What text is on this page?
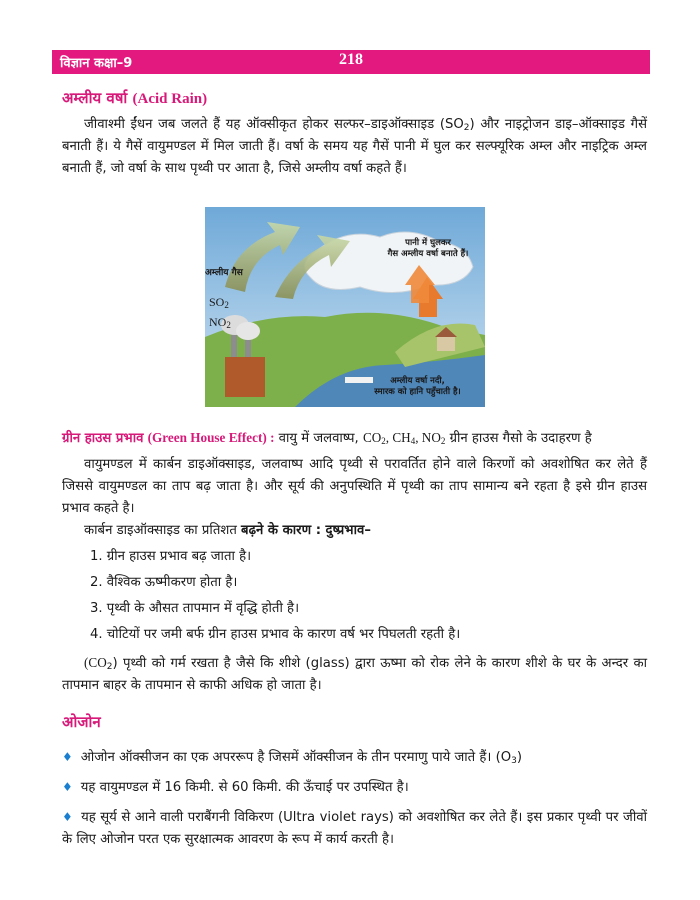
विज्ञान कक्षा–9	218
अम्लीय वर्षा (Acid Rain)
जीवाश्मी ईंधन जब जलते हैं यह ऑक्सीकृत होकर सल्फर–डाइऑक्साइड $(SO_2)$ और नाइट्रोजन डाइ–ऑक्साइड गैसें बनाती हैं। ये गैसें वायुमण्डल में मिल जाती हैं। वर्षा के समय यह गैसें पानी में घुल कर सल्फ्यूरिक अम्ल और नाइट्रिक अम्ल बनाती हैं, जो वर्षा के साथ पृथ्वी पर आता है, जिसे अम्लीय वर्षा कहते हैं।
अम्लीय गैस
$SO_2$
$NO_2$
पानी में घुलकर
गैस अम्लीय वर्षा बनाते हैं।
अम्लीय वर्षा नदी,
स्मारक को हानि पहुँचाती है।
ग्रीन हाउस प्रभाव (Green House Effect) : वायु में जलवाष्प, $CO_2$, $CH_4$, $NO_2$ ग्रीन हाउस गैसो के उदाहरण है
वायुमण्डल में कार्बन डाइऑक्साइड, जलवाष्प आदि पृथ्वी से परावर्तित होने वाले किरणों को अवशोषित कर लेते हैं जिससे वायुमण्डल का ताप बढ़ जाता है। और सूर्य की अनुपस्थिति में पृथ्वी का ताप सामान्य बने रहता है इसे ग्रीन हाउस प्रभाव कहते है।
कार्बन डाइऑक्साइड का प्रतिशत बढ़ने के कारण : दुष्प्रभाव–
1. ग्रीन हाउस प्रभाव बढ़ जाता है।
2. वैश्विक ऊष्मीकरण होता है।
3. पृथ्वी के औसत तापमान में वृद्धि होती है।
4. चोटियों पर जमी बर्फ ग्रीन हाउस प्रभाव के कारण वर्ष भर पिघलती रहती है।
$(CO_2)$ पृथ्वी को गर्म रखता है जैसे कि शीशे (glass) द्वारा ऊष्मा को रोक लेने के कारण शीशे के घर के अन्दर का तापमान बाहर के तापमान से काफी अधिक हो जाता है।
ओजोन
♦ ओजोन ऑक्सीजन का एक अपररूप है जिसमें ऑक्सीजन के तीन परमाणु पाये जाते हैं। $(O_3)$
♦ यह वायुमण्डल में 16 किमी. से 60 किमी. की ऊँचाई पर उपस्थित है।
♦ यह सूर्य से आने वाली पराबैंगनी विकिरण (Ultra violet rays) को अवशोषित कर लेते हैं। इस प्रकार पृथ्वी पर जीवों के लिए ओजोन परत एक सुरक्षात्मक आवरण के रूप में कार्य करती है।
